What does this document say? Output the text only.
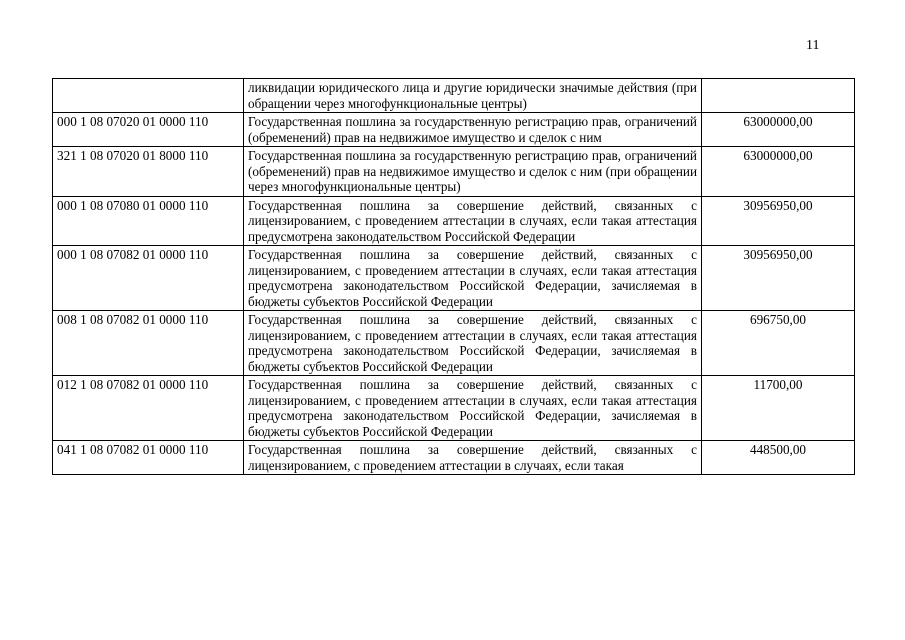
11
	ликвидации юридического лица и другие юридически значимые действия (при обращении через многофункциональные центры)	
000 1 08 07020 01 0000 110	Государственная пошлина за государственную регистрацию прав, ограничений (обременений) прав на недвижимое имущество и сделок с ним	63000000,00
321 1 08 07020 01 8000 110	Государственная пошлина за государственную регистрацию прав, ограничений (обременений) прав на недвижимое имущество и сделок с ним (при обращении через многофункциональные центры)	63000000,00
000 1 08 07080 01 0000 110	Государственная пошлина за совершение действий, связанных с лицензированием, с проведением аттестации в случаях, если такая аттестация предусмотрена законодательством Российской Федерации	30956950,00
000 1 08 07082 01 0000 110	Государственная пошлина за совершение действий, связанных с лицензированием, с проведением аттестации в случаях, если такая аттестация предусмотрена законодательством Российской Федерации, зачисляемая в бюджеты субъектов Российской Федерации	30956950,00
008 1 08 07082 01 0000 110	Государственная пошлина за совершение действий, связанных с лицензированием, с проведением аттестации в случаях, если такая аттестация предусмотрена законодательством Российской Федерации, зачисляемая в бюджеты субъектов Российской Федерации	696750,00
012 1 08 07082 01 0000 110	Государственная пошлина за совершение действий, связанных с лицензированием, с проведением аттестации в случаях, если такая аттестация предусмотрена законодательством Российской Федерации, зачисляемая в бюджеты субъектов Российской Федерации	11700,00
041 1 08 07082 01 0000 110	Государственная пошлина за совершение действий, связанных с лицензированием, с проведением аттестации в случаях, если такая	448500,00
